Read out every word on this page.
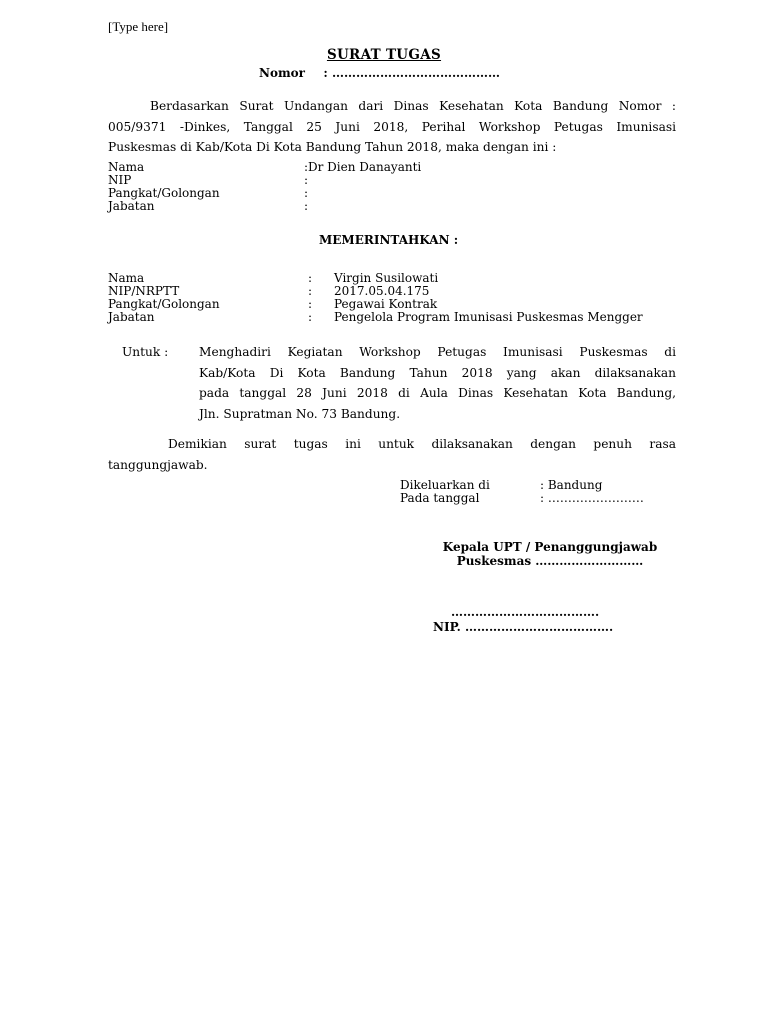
[Type here]
SURAT TUGAS
Nomor : ……………………………………
Berdasarkan Surat Undangan dari Dinas Kesehatan Kota Bandung Nomor :
005/9371 -Dinkes, Tanggal 25 Juni 2018, Perihal Workshop Petugas Imunisasi
Puskesmas di Kab/Kota Di Kota Bandung Tahun 2018, maka dengan ini :
Nama	: Dr Dien Danayanti
NIP	:
Pangkat/Golongan	:
Jabatan	:
MEMERINTAHKAN :
Nama	: Virgin Susilowati
NIP/NRPTT	: 2017.05.04.175
Pangkat/Golongan	: Pegawai Kontrak
Jabatan	: Pengelola Program Imunisasi Puskesmas Mengger
Untuk :	Menghadiri Kegiatan Workshop Petugas Imunisasi Puskesmas di
Kab/Kota Di Kota Bandung Tahun 2018 yang akan dilaksanakan
pada tanggal 28 Juni 2018 di Aula Dinas Kesehatan Kota Bandung,
Jln. Supratman No. 73 Bandung.
Demikian surat tugas ini untuk dilaksanakan dengan penuh rasa
tanggungjawab.
Dikeluarkan di	: Bandung
Pada tanggal	: ……………………
Kepala UPT / Penanggungjawab
Puskesmas ………………………
……………………………….
NIP. ……………………………….
